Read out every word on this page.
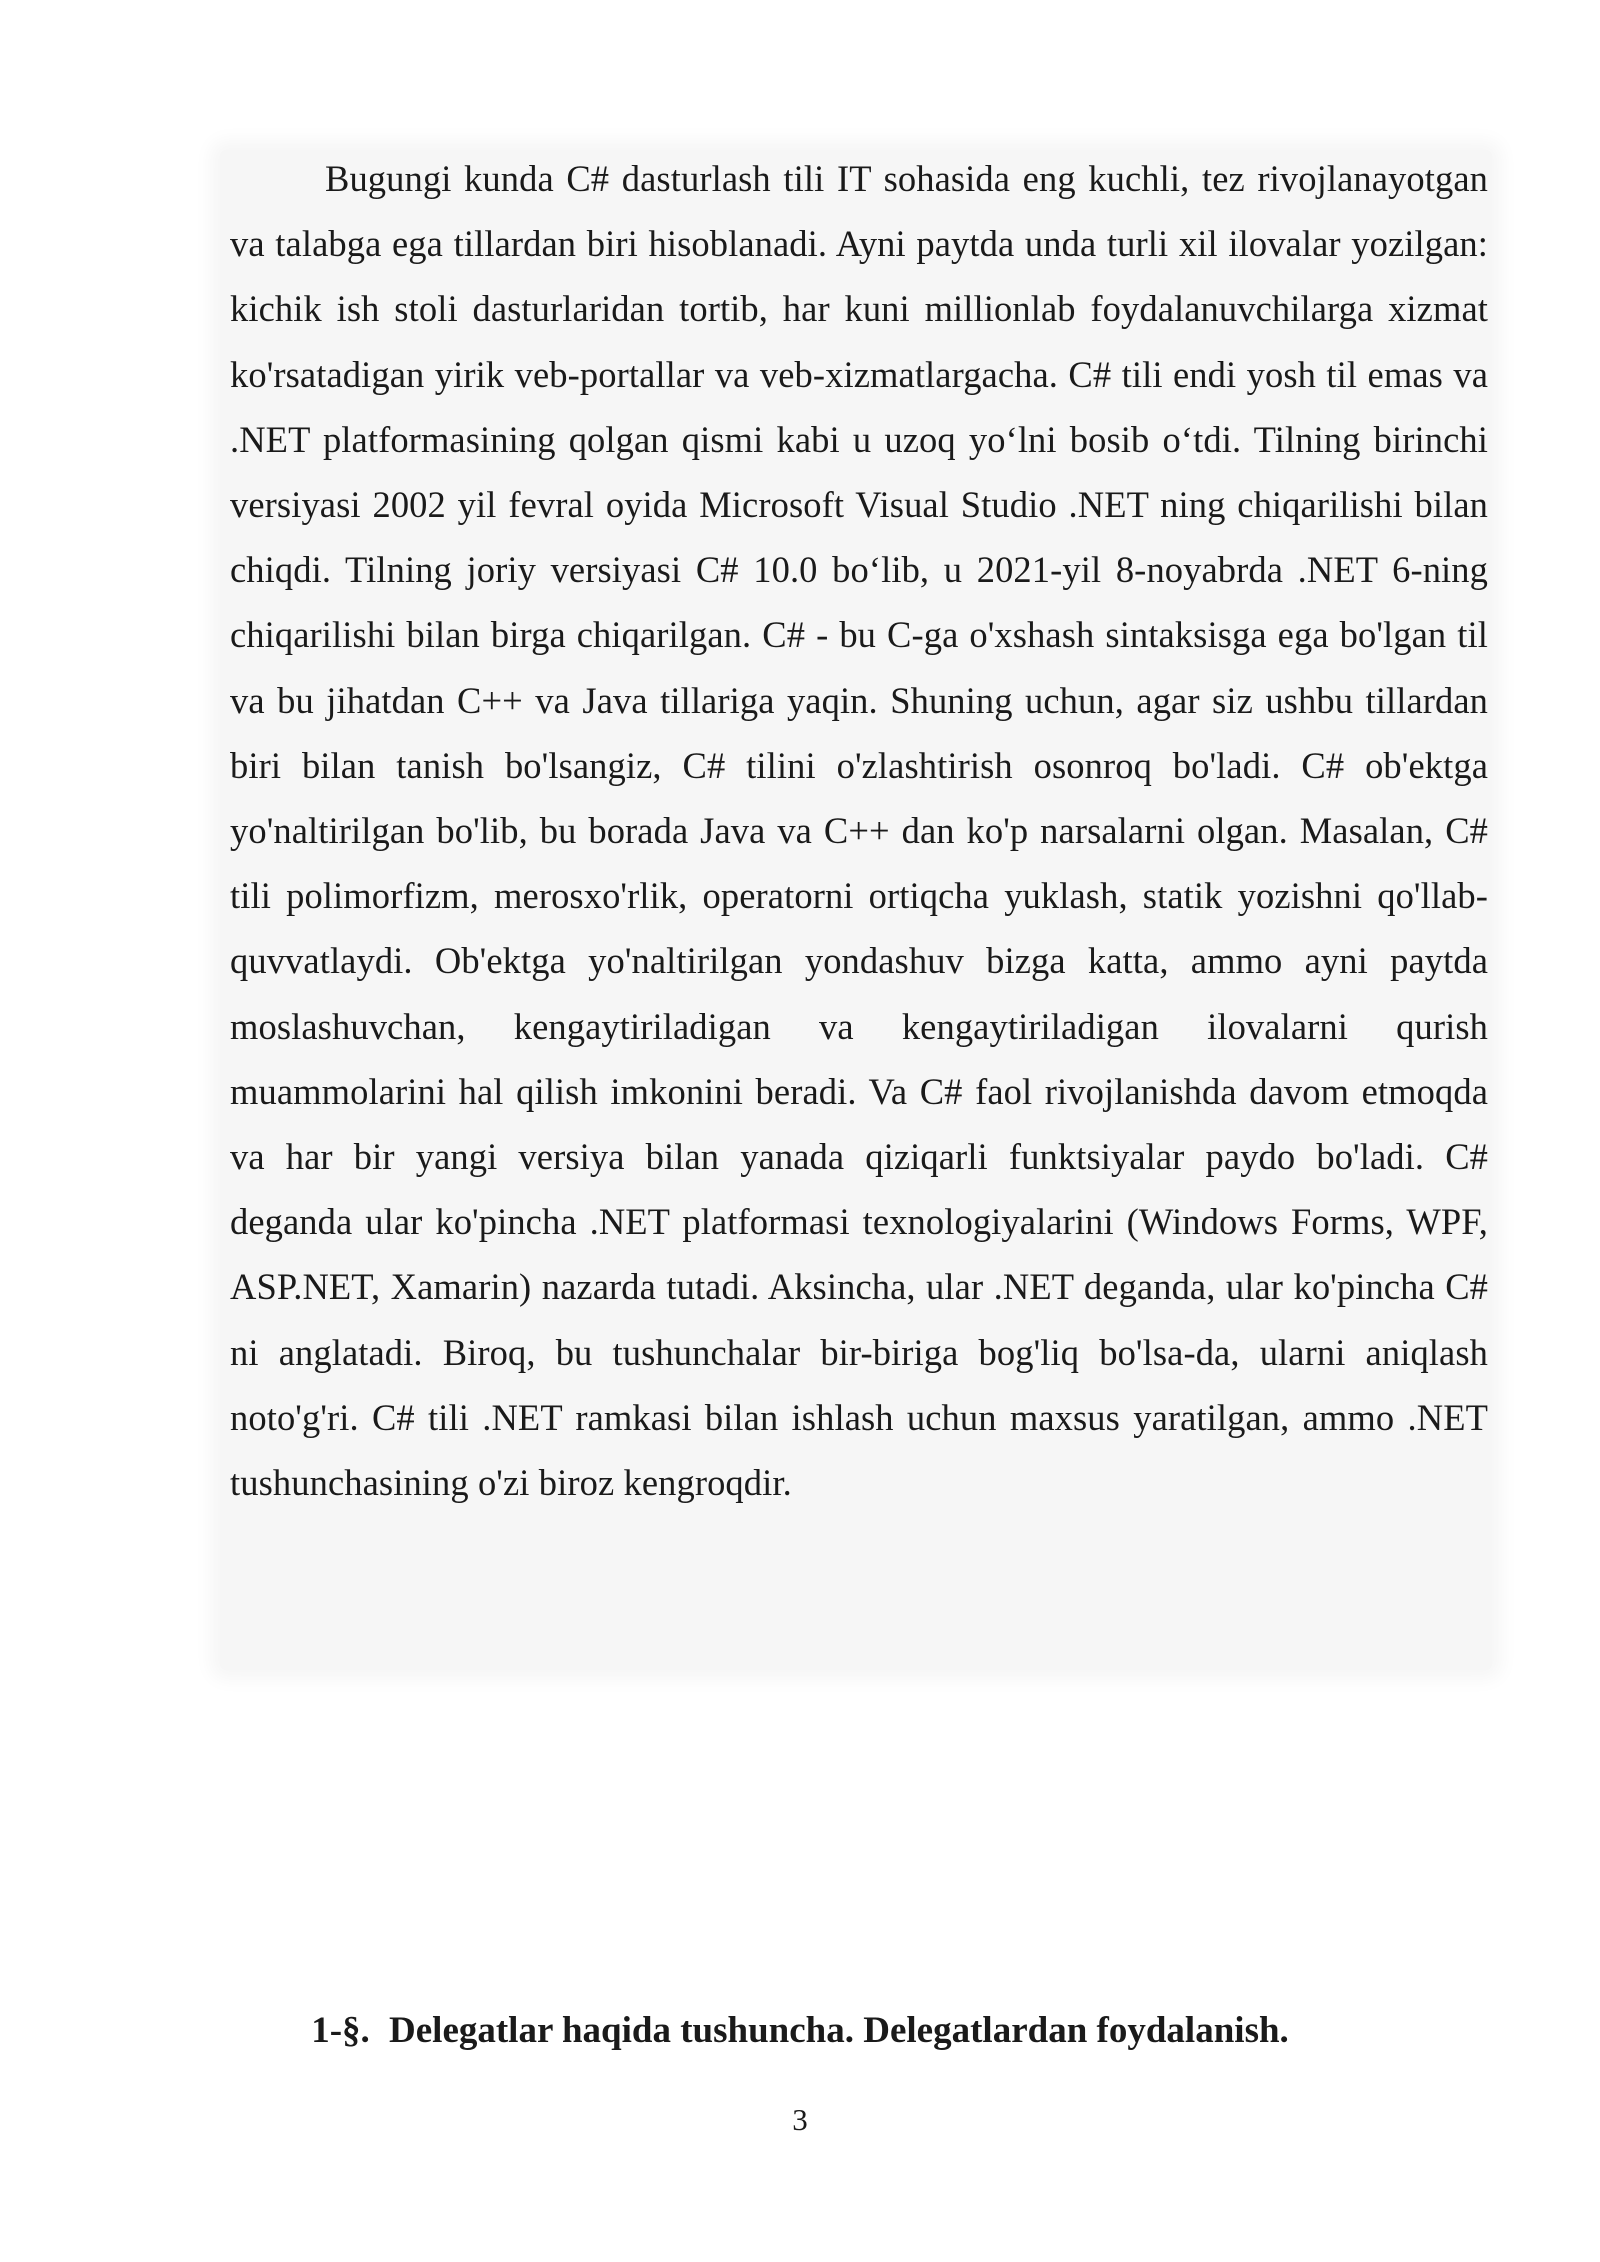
Bugungi kunda C# dasturlash tili IT sohasida eng kuchli, tez rivojlanayotgan va talabga ega tillardan biri hisoblanadi. Ayni paytda unda turli xil ilovalar yozilgan: kichik ish stoli dasturlaridan tortib, har kuni millionlab foydalanuvchilarga xizmat ko'rsatadigan yirik veb-portallar va veb-xizmatlargacha. C# tili endi yosh til emas va .NET platformasining qolgan qismi kabi u uzoq yo‘lni bosib o‘tdi. Tilning birinchi versiyasi 2002 yil fevral oyida Microsoft Visual Studio .NET ning chiqarilishi bilan chiqdi. Tilning joriy versiyasi C# 10.0 bo‘lib, u 2021-yil 8-noyabrda .NET 6-ning chiqarilishi bilan birga chiqarilgan. C# - bu C-ga o'xshash sintaksisga ega bo'lgan til va bu jihatdan C++ va Java tillariga yaqin. Shuning uchun, agar siz ushbu tillardan biri bilan tanish bo'lsangiz, C# tilini o'zlashtirish osonroq bo'ladi. C# ob'ektga yo'naltirilgan bo'lib, bu borada Java va C++ dan ko'p narsalarni olgan. Masalan, C# tili polimorfizm, merosxo'rlik, operatorni ortiqcha yuklash, statik yozishni qo'llab-quvvatlaydi. Ob'ektga yo'naltirilgan yondashuv bizga katta, ammo ayni paytda moslashuvchan, kengaytiriladigan va kengaytiriladigan ilovalarni qurish muammolarini hal qilish imkonini beradi. Va C# faol rivojlanishda davom etmoqda va har bir yangi versiya bilan yanada qiziqarli funktsiyalar paydo bo'ladi. C# deganda ular ko'pincha .NET platformasi texnologiyalarini (Windows Forms, WPF, ASP.NET, Xamarin) nazarda tutadi. Aksincha, ular .NET deganda, ular ko'pincha C# ni anglatadi. Biroq, bu tushunchalar bir-biriga bog'liq bo'lsa-da, ularni aniqlash noto'g'ri. C# tili .NET ramkasi bilan ishlash uchun maxsus yaratilgan, ammo .NET tushunchasining o'zi biroz kengroqdir.

1-§. Delegatlar haqida tushuncha. Delegatlardan foydalanish.
3
